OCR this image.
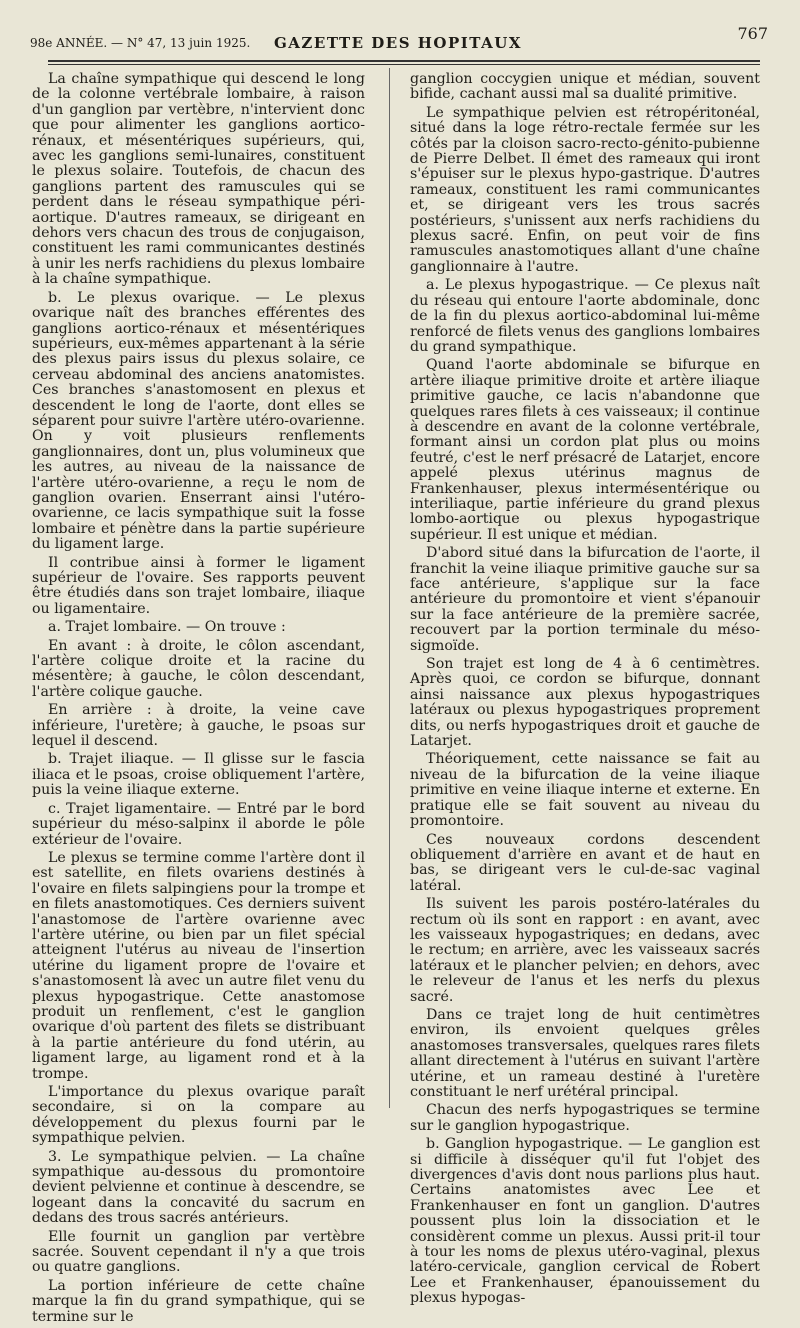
98e ANNÉE. — N° 47, 13 juin 1925.	GAZETTE DES HOPITAUX	767

La chaîne sympathique qui descend le long de la colonne vertébrale lombaire, à raison d'un ganglion par vertèbre, n'intervient donc que pour alimenter les ganglions aortico-rénaux, et mésentériques supérieurs, qui, avec les ganglions semi-lunaires, constituent le plexus solaire. Toutefois, de chacun des ganglions partent des ramuscules qui se perdent dans le réseau sympathique péri-aortique. D'autres rameaux, se dirigeant en dehors vers chacun des trous de conjugaison, constituent les rami communicantes destinés à unir les nerfs rachidiens du plexus lombaire à la chaîne sympathique.

b. Le plexus ovarique. — Le plexus ovarique naît des branches efférentes des ganglions aortico-rénaux et mésentériques supérieurs, eux-mêmes appartenant à la série des plexus pairs issus du plexus solaire, ce cerveau abdominal des anciens anatomistes. Ces branches s'anastomosent en plexus et descendent le long de l'aorte, dont elles se séparent pour suivre l'artère utéro-ovarienne. On y voit plusieurs renflements ganglionnaires, dont un, plus volumineux que les autres, au niveau de la naissance de l'artère utéro-ovarienne, a reçu le nom de ganglion ovarien. Enserrant ainsi l'utéro-ovarienne, ce lacis sympathique suit la fosse lombaire et pénètre dans la partie supérieure du ligament large.

Il contribue ainsi à former le ligament supérieur de l'ovaire. Ses rapports peuvent être étudiés dans son trajet lombaire, iliaque ou ligamentaire.

a. Trajet lombaire. — On trouve :

En avant : à droite, le côlon ascendant, l'artère colique droite et la racine du mésentère; à gauche, le côlon descendant, l'artère colique gauche.

En arrière : à droite, la veine cave inférieure, l'uretère; à gauche, le psoas sur lequel il descend.

b. Trajet iliaque. — Il glisse sur le fascia iliaca et le psoas, croise obliquement l'artère, puis la veine iliaque externe.

c. Trajet ligamentaire. — Entré par le bord supérieur du méso-salpinx il aborde le pôle extérieur de l'ovaire.

Le plexus se termine comme l'artère dont il est satellite, en filets ovariens destinés à l'ovaire en filets salpingiens pour la trompe et en filets anastomotiques. Ces derniers suivent l'anastomose de l'artère ovarienne avec l'artère utérine, ou bien par un filet spécial atteignent l'utérus au niveau de l'insertion utérine du ligament propre de l'ovaire et s'anastomosent là avec un autre filet venu du plexus hypogastrique. Cette anastomose produit un renflement, c'est le ganglion ovarique d'où partent des filets se distribuant à la partie antérieure du fond utérin, au ligament large, au ligament rond et à la trompe.

L'importance du plexus ovarique paraît secondaire, si on la compare au développement du plexus fourni par le sympathique pelvien.

3. Le sympathique pelvien. — La chaîne sympathique au-dessous du promontoire devient pelvienne et continue à descendre, se logeant dans la concavité du sacrum en dedans des trous sacrés antérieurs.

Elle fournit un ganglion par vertèbre sacrée. Souvent cependant il n'y a que trois ou quatre ganglions.

La portion inférieure de cette chaîne marque la fin du grand sympathique, qui se termine sur le

ganglion coccygien unique et médian, souvent bifide, cachant aussi mal sa dualité primitive.

Le sympathique pelvien est rétropéritonéal, situé dans la loge rétro-rectale fermée sur les côtés par la cloison sacro-recto-génito-pubienne de Pierre Delbet. Il émet des rameaux qui iront s'épuiser sur le plexus hypo-gastrique. D'autres rameaux, constituent les rami communicantes et, se dirigeant vers les trous sacrés postérieurs, s'unissent aux nerfs rachidiens du plexus sacré. Enfin, on peut voir de fins ramuscules anastomotiques allant d'une chaîne ganglionnaire à l'autre.

a. Le plexus hypogastrique. — Ce plexus naît du réseau qui entoure l'aorte abdominale, donc de la fin du plexus aortico-abdominal lui-même renforcé de filets venus des ganglions lombaires du grand sympathique.

Quand l'aorte abdominale se bifurque en artère iliaque primitive droite et artère iliaque primitive gauche, ce lacis n'abandonne que quelques rares filets à ces vaisseaux; il continue à descendre en avant de la colonne vertébrale, formant ainsi un cordon plat plus ou moins feutré, c'est le nerf présacré de Latarjet, encore appelé plexus utérinus magnus de Frankenhauser, plexus intermésentérique ou interiliaque, partie inférieure du grand plexus lombo-aortique ou plexus hypogastrique supérieur. Il est unique et médian.

D'abord situé dans la bifurcation de l'aorte, il franchit la veine iliaque primitive gauche sur sa face antérieure, s'applique sur la face antérieure du promontoire et vient s'épanouir sur la face antérieure de la première sacrée, recouvert par la portion terminale du méso-sigmoïde.

Son trajet est long de 4 à 6 centimètres. Après quoi, ce cordon se bifurque, donnant ainsi naissance aux plexus hypogastriques latéraux ou plexus hypogastriques proprement dits, ou nerfs hypogastriques droit et gauche de Latarjet.

Théoriquement, cette naissance se fait au niveau de la bifurcation de la veine iliaque primitive en veine iliaque interne et externe. En pratique elle se fait souvent au niveau du promontoire.

Ces nouveaux cordons descendent obliquement d'arrière en avant et de haut en bas, se dirigeant vers le cul-de-sac vaginal latéral.

Ils suivent les parois postéro-latérales du rectum où ils sont en rapport : en avant, avec les vaisseaux hypogastriques; en dedans, avec le rectum; en arrière, avec les vaisseaux sacrés latéraux et le plancher pelvien; en dehors, avec le releveur de l'anus et les nerfs du plexus sacré.

Dans ce trajet long de huit centimètres environ, ils envoient quelques grêles anastomoses transversales, quelques rares filets allant directement à l'utérus en suivant l'artère utérine, et un rameau destiné à l'uretère constituant le nerf urétéral principal.

Chacun des nerfs hypogastriques se termine sur le ganglion hypogastrique.

b. Ganglion hypogastrique. — Le ganglion est si difficile à disséquer qu'il fut l'objet des divergences d'avis dont nous parlions plus haut. Certains anatomistes avec Lee et Frankenhauser en font un ganglion. D'autres poussent plus loin la dissociation et le considèrent comme un plexus. Aussi prit-il tour à tour les noms de plexus utéro-vaginal, plexus latéro-cervicale, ganglion cervical de Robert Lee et Frankenhauser, épanouissement du plexus hypogas-
